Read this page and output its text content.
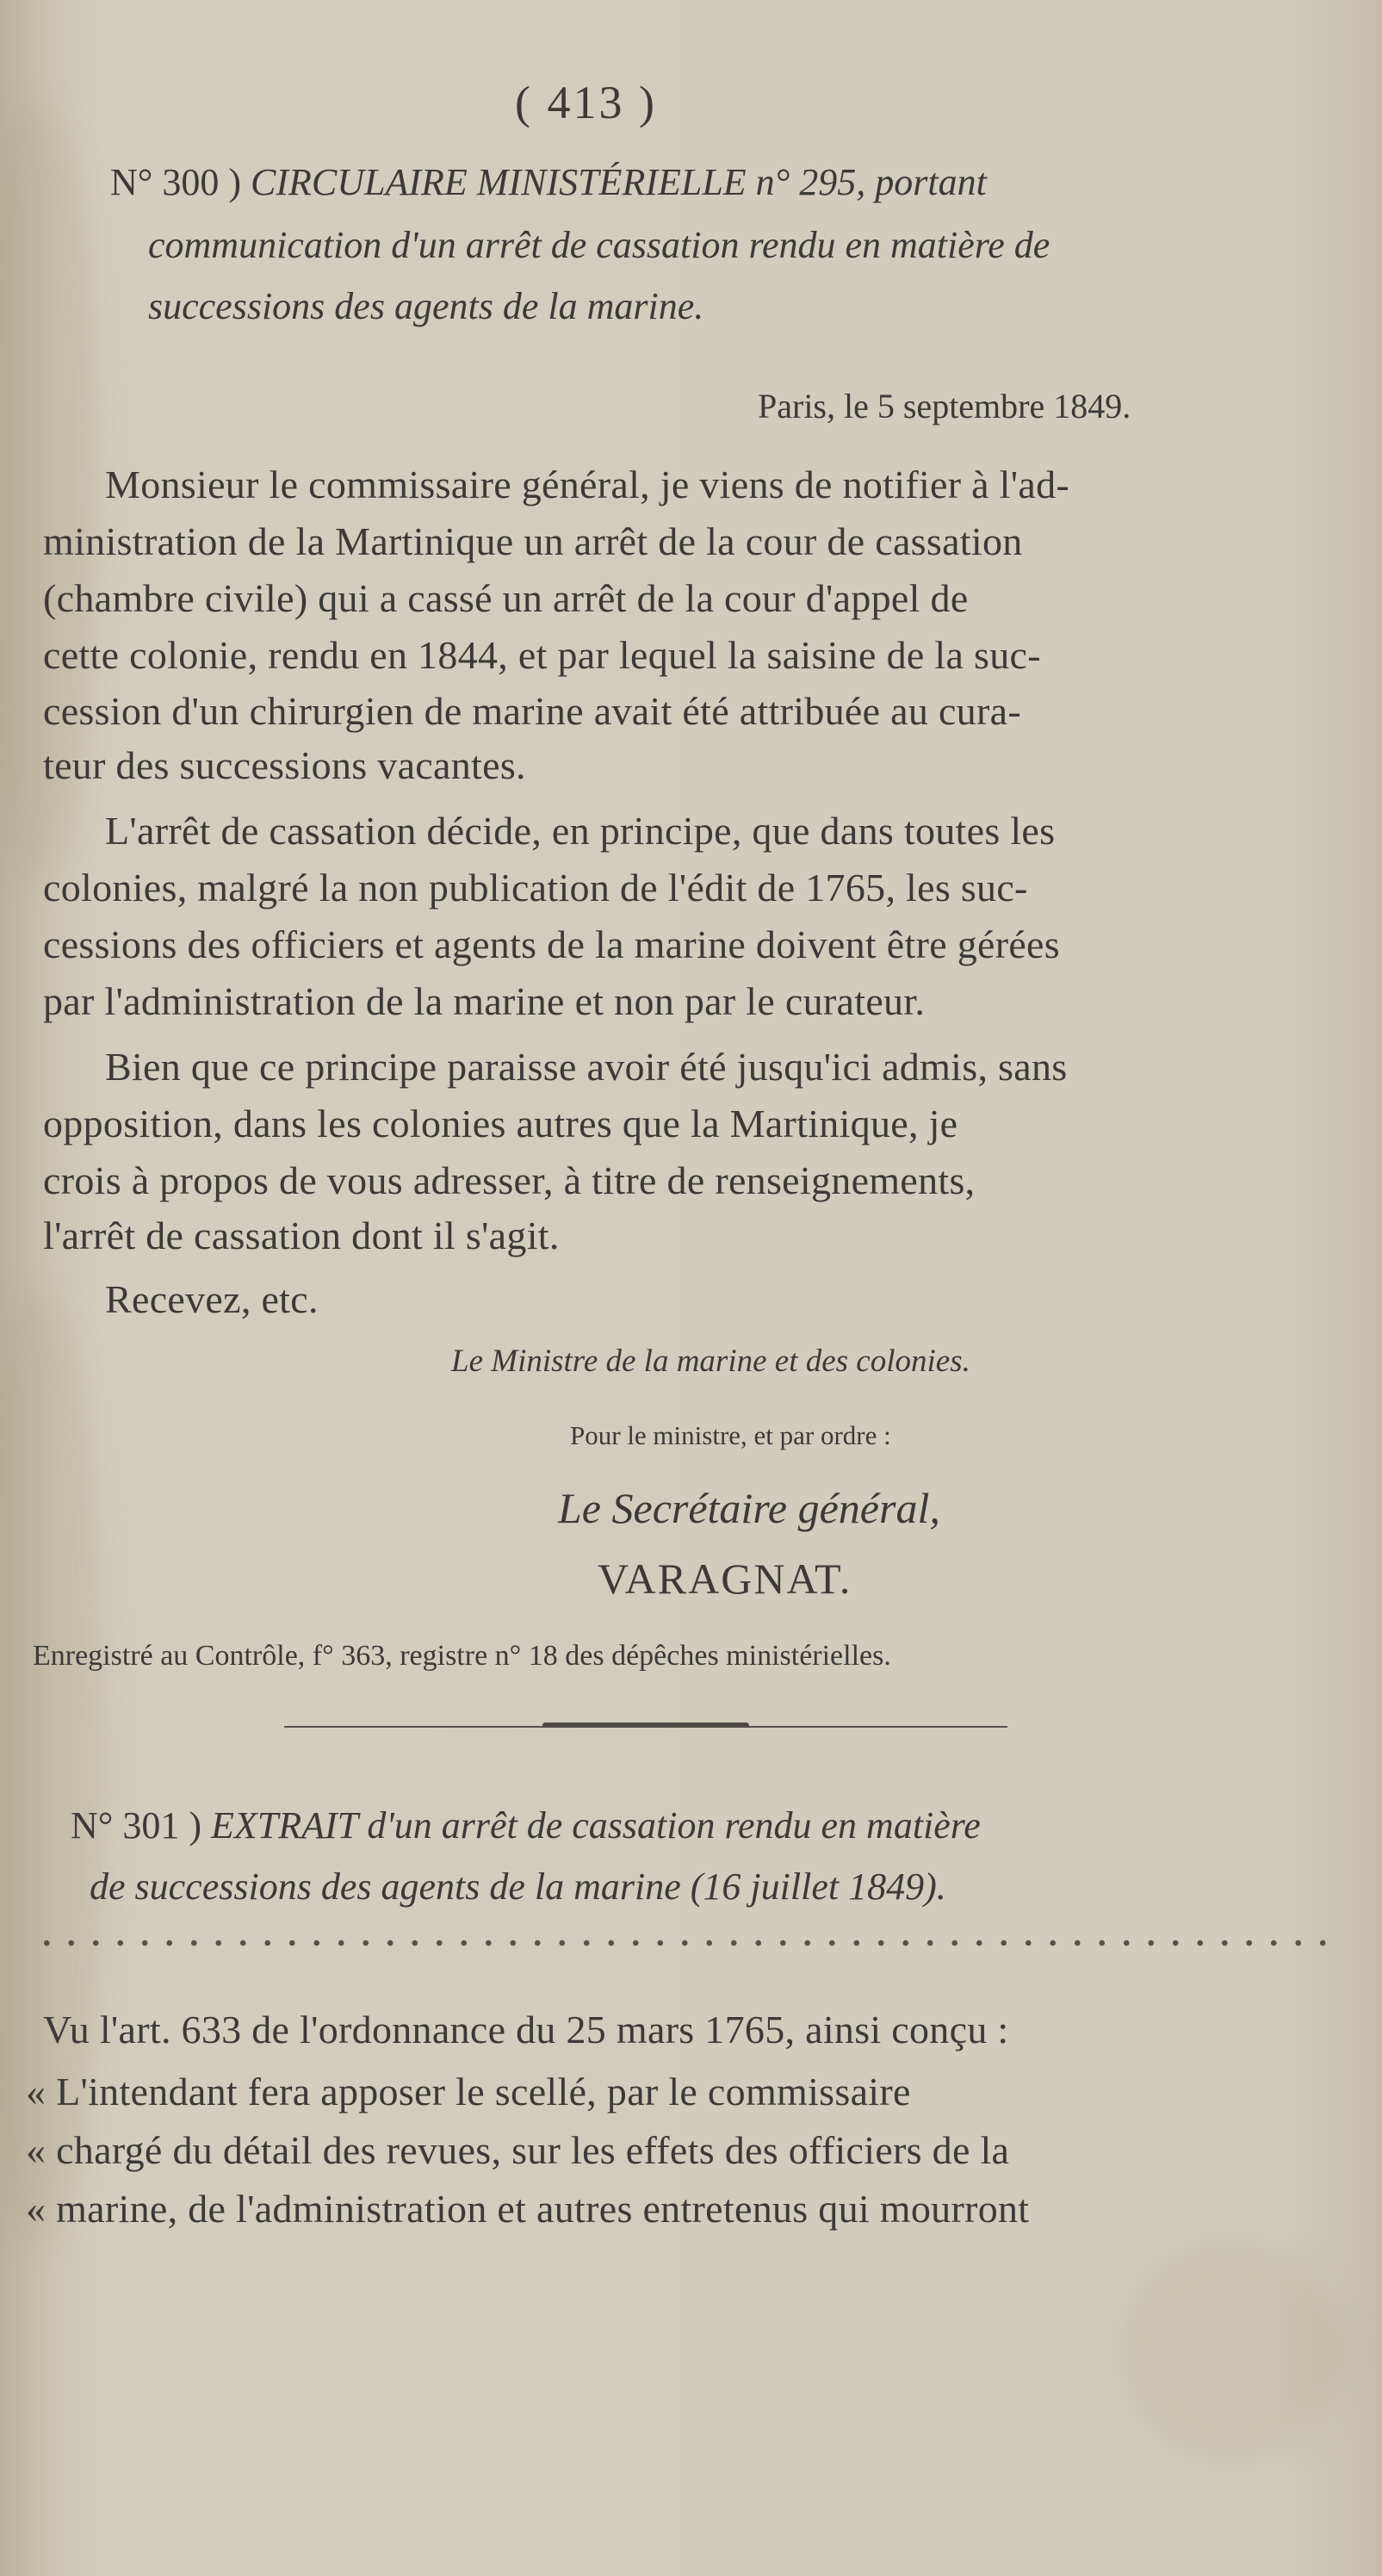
( 413 )
N° 300 ) CIRCULAIRE MINISTÉRIELLE n° 295, portant
communication d'un arrêt de cassation rendu en matière de
successions des agents de la marine.
Paris, le 5 septembre 1849.
Monsieur le commissaire général, je viens de notifier à l'ad-
ministration de la Martinique un arrêt de la cour de cassation
(chambre civile) qui a cassé un arrêt de la cour d'appel de
cette colonie, rendu en 1844, et par lequel la saisine de la suc-
cession d'un chirurgien de marine avait été attribuée au cura-
teur des successions vacantes.
L'arrêt de cassation décide, en principe, que dans toutes les
colonies, malgré la non publication de l'édit de 1765, les suc-
cessions des officiers et agents de la marine doivent être gérées
par l'administration de la marine et non par le curateur.
Bien que ce principe paraisse avoir été jusqu'ici admis, sans
opposition, dans les colonies autres que la Martinique, je
crois à propos de vous adresser, à titre de renseignements,
l'arrêt de cassation dont il s'agit.
Recevez, etc.
Le Ministre de la marine et des colonies.
Pour le ministre, et par ordre :
Le Secrétaire général,
VARAGNAT.
Enregistré au Contrôle, f° 363, registre n° 18 des dépêches ministérielles.
N° 301 ) EXTRAIT d'un arrêt de cassation rendu en matière
de successions des agents de la marine (16 juillet 1849).
Vu l'art. 633 de l'ordonnance du 25 mars 1765, ainsi conçu :
« L'intendant fera apposer le scellé, par le commissaire
« chargé du détail des revues, sur les effets des officiers de la
« marine, de l'administration et autres entretenus qui mourront
